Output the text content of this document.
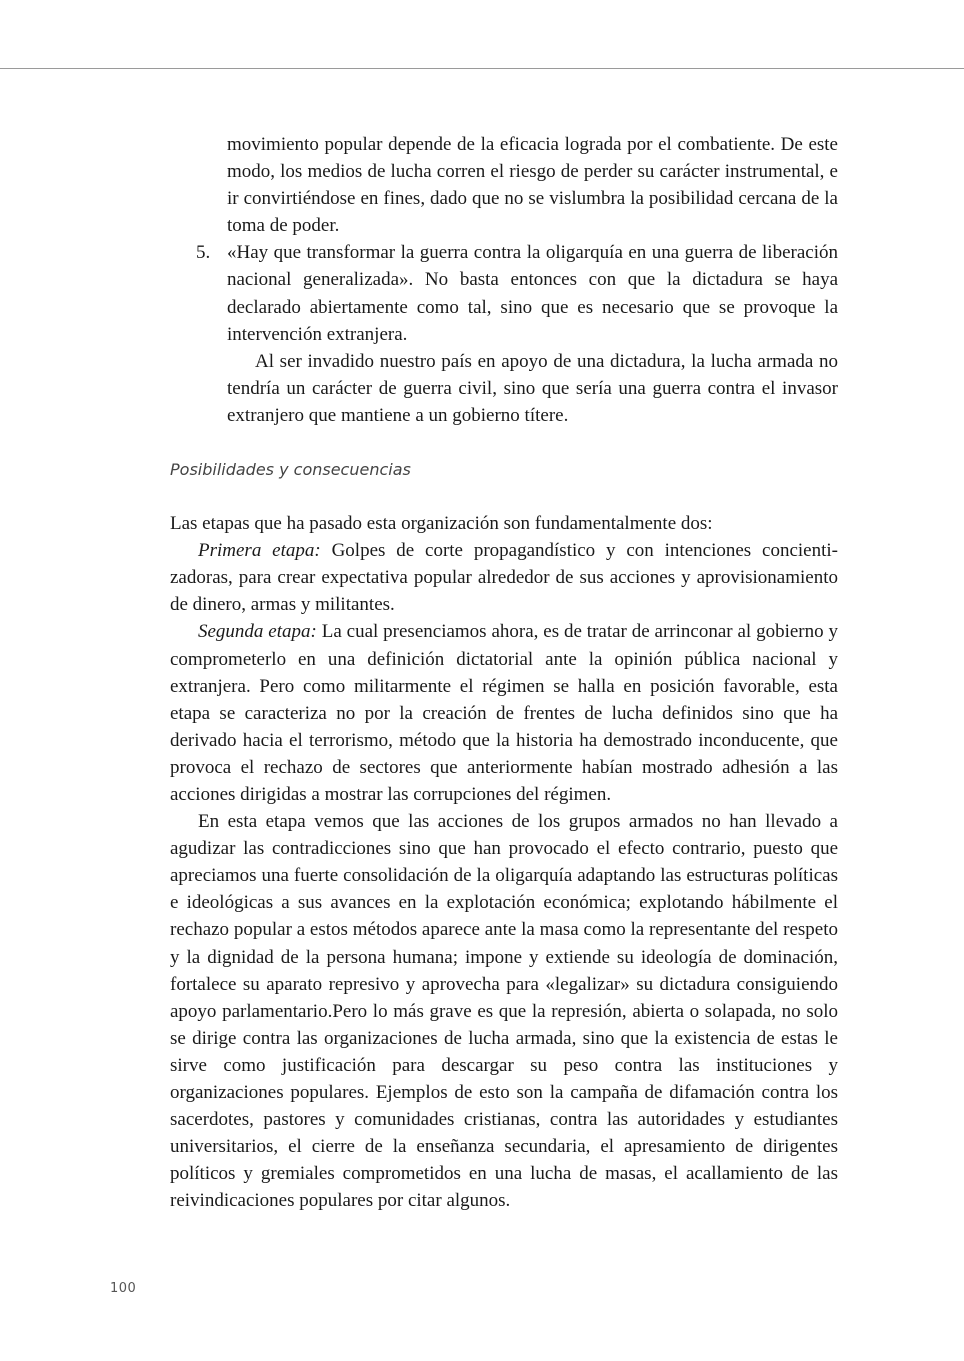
movimiento popular depende de la eficacia lograda por el combatiente. De este modo, los medios de lucha corren el riesgo de perder su carácter instrumental, e ir convirtiéndose en fines, dado que no se vislumbra la posibilidad cercana de la toma de poder.

5. «Hay que transformar la guerra contra la oligarquía en una guerra de liberación nacional generalizada». No basta entonces con que la dictadura se haya declarado abiertamente como tal, sino que es necesario que se provoque la intervención extranjera.

Al ser invadido nuestro país en apoyo de una dictadura, la lucha armada no tendría un carácter de guerra civil, sino que sería una guerra contra el invasor extranjero que mantiene a un gobierno títere.

Posibilidades y consecuencias

Las etapas que ha pasado esta organización son fundamentalmente dos:

Primera etapa: Golpes de corte propagandístico y con intenciones concientizadoras, para crear expectativa popular alrededor de sus acciones y aprovisionamiento de dinero, armas y militantes.

Segunda etapa: La cual presenciamos ahora, es de tratar de arrinconar al gobierno y comprometerlo en una definición dictatorial ante la opinión pública nacional y extranjera. Pero como militarmente el régimen se halla en posición favorable, esta etapa se caracteriza no por la creación de frentes de lucha definidos sino que ha derivado hacia el terrorismo, método que la historia ha demostrado inconducente, que provoca el rechazo de sectores que anteriormente habían mostrado adhesión a las acciones dirigidas a mostrar las corrupciones del régimen.

En esta etapa vemos que las acciones de los grupos armados no han llevado a agudizar las contradicciones sino que han provocado el efecto contrario, puesto que apreciamos una fuerte consolidación de la oligarquía adaptando las estructuras políticas e ideológicas a sus avances en la explotación económica; explotando hábilmente el rechazo popular a estos métodos aparece ante la masa como la representante del respeto y la dignidad de la persona humana; impone y extiende su ideología de dominación, fortalece su aparato represivo y aprovecha para «legalizar» su dictadura consiguiendo apoyo parlamentario.Pero lo más grave es que la represión, abierta o solapada, no solo se dirige contra las organizaciones de lucha armada, sino que la existencia de estas le sirve como justificación para descargar su peso contra las instituciones y organizaciones populares. Ejemplos de esto son la campaña de difamación contra los sacerdotes, pastores y comunidades cristianas, contra las autoridades y estudiantes universitarios, el cierre de la enseñanza secundaria, el apresamiento de dirigentes políticos y gremiales comprometidos en una lucha de masas, el acallamiento de las reivindicaciones populares por citar algunos.

100
